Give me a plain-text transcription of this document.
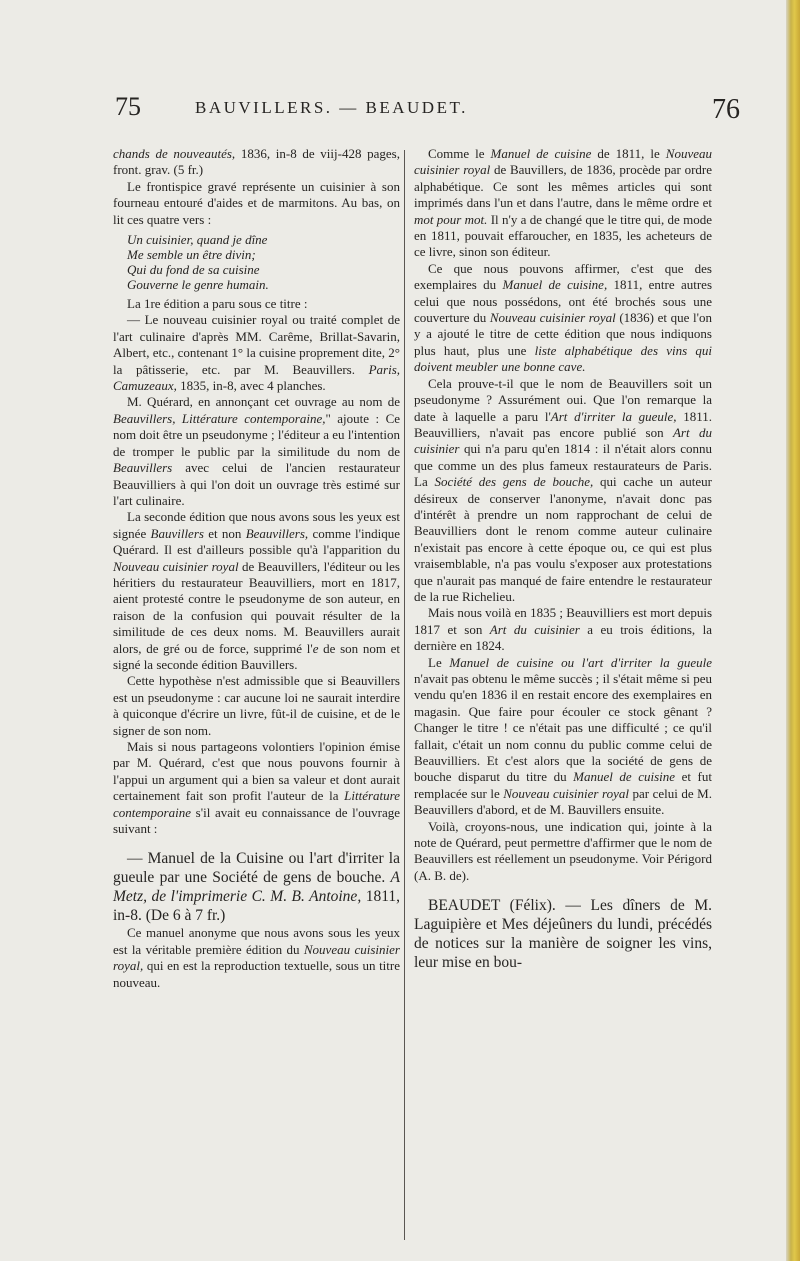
75	BAUVILLERS. — BEAUDET.	76

chands de nouveautés, 1836, in-8 de viij-428 pages, front. grav. (5 fr.)

Le frontispice gravé représente un cuisinier à son fourneau entouré d'aides et de marmitons. Au bas, on lit ces quatre vers :

Un cuisinier, quand je dîne
Me semble un être divin;
Qui du fond de sa cuisine
Gouverne le genre humain.

La 1re édition a paru sous ce titre :

— Le nouveau cuisinier royal ou traité complet de l'art culinaire d'après MM. Carême, Brillat-Savarin, Albert, etc., contenant 1° la cuisine proprement dite, 2° la pâtisserie, etc. par M. Beauvillers. Paris, Camuzeaux, 1835, in-8, avec 4 planches.

M. Quérard, en annonçant cet ouvrage au nom de Beauvillers, Littérature contemporaine," ajoute : Ce nom doit être un pseudonyme ; l'éditeur a eu l'intention de tromper le public par la similitude du nom de Beauvillers avec celui de l'ancien restaurateur Beauvilliers à qui l'on doit un ouvrage très estimé sur l'art culinaire.

La seconde édition que nous avons sous les yeux est signée Bauvillers et non Beauvillers, comme l'indique Quérard. Il est d'ailleurs possible qu'à l'apparition du Nouveau cuisinier royal de Beauvillers, l'éditeur ou les héritiers du restaurateur Beauvilliers, mort en 1817, aient protesté contre le pseudonyme de son auteur, en raison de la confusion qui pouvait résulter de la similitude de ces deux noms. M. Beauvillers aurait alors, de gré ou de force, supprimé l'e de son nom et signé la seconde édition Bauvillers.

Cette hypothèse n'est admissible que si Beauvillers est un pseudonyme : car aucune loi ne saurait interdire à quiconque d'écrire un livre, fût-il de cuisine, et de le signer de son nom.

Mais si nous partageons volontiers l'opinion émise par M. Quérard, c'est que nous pouvons fournir à l'appui un argument qui a bien sa valeur et dont aurait certainement fait son profit l'auteur de la Littérature contemporaine s'il avait eu connaissance de l'ouvrage suivant :

— Manuel de la Cuisine ou l'art d'irriter la gueule par une Société de gens de bouche. A Metz, de l'imprimerie C. M. B. Antoine, 1811, in-8. (De 6 à 7 fr.)

Ce manuel anonyme que nous avons sous les yeux est la véritable première édition du Nouveau cuisinier royal, qui en est la reproduction textuelle, sous un titre nouveau.

Comme le Manuel de cuisine de 1811, le Nouveau cuisinier royal de Bauvillers, de 1836, procède par ordre alphabétique. Ce sont les mêmes articles qui sont imprimés dans l'un et dans l'autre, dans le même ordre et mot pour mot. Il n'y a de changé que le titre qui, de mode en 1811, pouvait effaroucher, en 1835, les acheteurs de ce livre, sinon son éditeur.

Ce que nous pouvons affirmer, c'est que des exemplaires du Manuel de cuisine, 1811, entre autres celui que nous possédons, ont été brochés sous une couverture du Nouveau cuisinier royal (1836) et que l'on y a ajouté le titre de cette édition que nous indiquons plus haut, plus une liste alphabétique des vins qui doivent meubler une bonne cave.

Cela prouve-t-il que le nom de Beauvillers soit un pseudonyme ? Assurément oui. Que l'on remarque la date à laquelle a paru l'Art d'irriter la gueule, 1811. Beauvilliers, n'avait pas encore publié son Art du cuisinier qui n'a paru qu'en 1814 : il n'était alors connu que comme un des plus fameux restaurateurs de Paris. La Société des gens de bouche, qui cache un auteur désireux de conserver l'anonyme, n'avait donc pas d'intérêt à prendre un nom rapprochant de celui de Beauvilliers dont le renom comme auteur culinaire n'existait pas encore à cette époque ou, ce qui est plus vraisemblable, n'a pas voulu s'exposer aux protestations que n'aurait pas manqué de faire entendre le restaurateur de la rue Richelieu.

Mais nous voilà en 1835 ; Beauvilliers est mort depuis 1817 et son Art du cuisinier a eu trois éditions, la dernière en 1824.

Le Manuel de cuisine ou l'art d'irriter la gueule n'avait pas obtenu le même succès ; il s'était même si peu vendu qu'en 1836 il en restait encore des exemplaires en magasin. Que faire pour écouler ce stock gênant ? Changer le titre ! ce n'était pas une difficulté ; ce qu'il fallait, c'était un nom connu du public comme celui de Beauvilliers. Et c'est alors que la société de gens de bouche disparut du titre du Manuel de cuisine et fut remplacée sur le Nouveau cuisinier royal par celui de M. Beauvillers d'abord, et de M. Bauvillers ensuite.

Voilà, croyons-nous, une indication qui, jointe à la note de Quérard, peut permettre d'affirmer que le nom de Beauvillers est réellement un pseudonyme. Voir Périgord (A. B. de).

BEAUDET (Félix). — Les dîners de M. Laguipière et Mes déjeûners du lundi, précédés de notices sur la manière de soigner les vins, leur mise en bou-
